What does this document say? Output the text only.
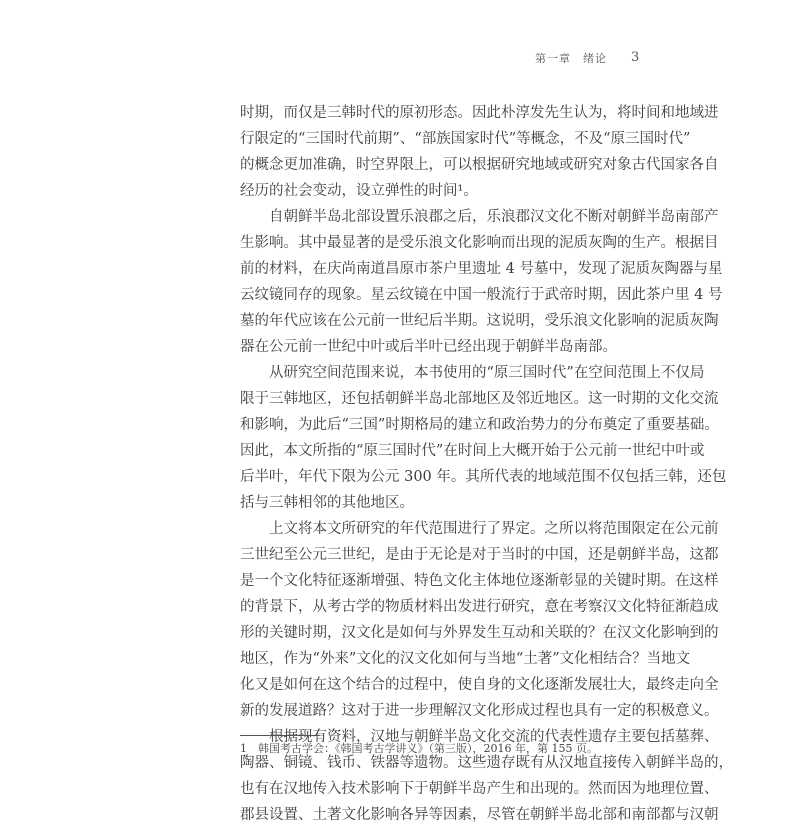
第一章 绪论 3
时期，而仅是三韩时代的原初形态。因此朴淳发先生认为，将时间和地域进
行限定的“三国时代前期”、“部族国家时代”等概念，不及“原三国时代”
的概念更加准确，时空界限上，可以根据研究地域或研究对象古代国家各自
经历的社会变动，设立弹性的时间¹。
自朝鲜半岛北部设置乐浪郡之后，乐浪郡汉文化不断对朝鲜半岛南部产
生影响。其中最显著的是受乐浪文化影响而出现的泥质灰陶的生产。根据目
前的材料，在庆尚南道昌原市茶户里遗址 4 号墓中，发现了泥质灰陶器与星
云纹镜同存的现象。星云纹镜在中国一般流行于武帝时期，因此茶户里 4 号
墓的年代应该在公元前一世纪后半期。这说明，受乐浪文化影响的泥质灰陶
器在公元前一世纪中叶或后半叶已经出现于朝鲜半岛南部。
从研究空间范围来说，本书使用的“原三国时代”在空间范围上不仅局
限于三韩地区，还包括朝鲜半岛北部地区及邻近地区。这一时期的文化交流
和影响，为此后“三国”时期格局的建立和政治势力的分布奠定了重要基础。
因此，本文所指的“原三国时代”在时间上大概开始于公元前一世纪中叶或
后半叶，年代下限为公元 300 年。其所代表的地域范围不仅包括三韩，还包
括与三韩相邻的其他地区。
上文将本文所研究的年代范围进行了界定。之所以将范围限定在公元前
三世纪至公元三世纪，是由于无论是对于当时的中国，还是朝鲜半岛，这都
是一个文化特征逐渐增强、特色文化主体地位逐渐彰显的关键时期。在这样
的背景下，从考古学的物质材料出发进行研究，意在考察汉文化特征渐趋成
形的关键时期，汉文化是如何与外界发生互动和关联的？在汉文化影响到的
地区，作为“外来”文化的汉文化如何与当地“土著”文化相结合？当地文
化又是如何在这个结合的过程中，使自身的文化逐渐发展壮大，最终走向全
新的发展道路？这对于进一步理解汉文化形成过程也具有一定的积极意义。
根据现有资料，汉地与朝鲜半岛文化交流的代表性遗存主要包括墓葬、
陶器、铜镜、钱币、铁器等遗物。这些遗存既有从汉地直接传入朝鲜半岛的，
也有在汉地传入技术影响下于朝鲜半岛产生和出现的。然而因为地理位置、
郡县设置、土著文化影响各异等因素，尽管在朝鲜半岛北部和南部都与汉朝
1　韩国考古学会：《韩国考古学讲义》（第三版），2016 年，第 155 页。
